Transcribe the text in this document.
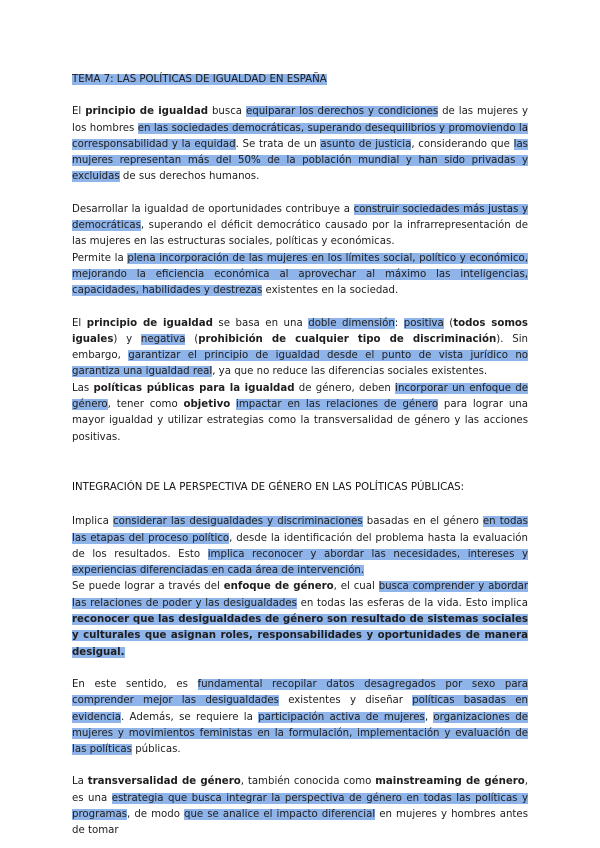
TEMA 7: LAS POLÍTICAS DE IGUALDAD EN ESPAÑA

El principio de igualdad busca equiparar los derechos y condiciones de las mujeres y los hombres en las sociedades democráticas, superando desequilibrios y promoviendo la corresponsabilidad y la equidad. Se trata de un asunto de justicia, considerando que las mujeres representan más del 50% de la población mundial y han sido privadas y excluidas de sus derechos humanos.

Desarrollar la igualdad de oportunidades contribuye a construir sociedades más justas y democráticas, superando el déficit democrático causado por la infrarrepresentación de las mujeres en las estructuras sociales, políticas y económicas.

Permite la plena incorporación de las mujeres en los límites social, político y económico, mejorando la eficiencia económica al aprovechar al máximo las inteligencias, capacidades, habilidades y destrezas existentes en la sociedad.

El principio de igualdad se basa en una doble dimensión: positiva (todos somos iguales) y negativa (prohibición de cualquier tipo de discriminación). Sin embargo, garantizar el principio de igualdad desde el punto de vista jurídico no garantiza una igualdad real, ya que no reduce las diferencias sociales existentes.

Las políticas públicas para la igualdad de género, deben incorporar un enfoque de género, tener como objetivo impactar en las relaciones de género para lograr una mayor igualdad y utilizar estrategias como la transversalidad de género y las acciones positivas.

INTEGRACIÓN DE LA PERSPECTIVA DE GÉNERO EN LAS POLÍTICAS PÚBLICAS:

Implica considerar las desigualdades y discriminaciones basadas en el género en todas las etapas del proceso político, desde la identificación del problema hasta la evaluación de los resultados. Esto implica reconocer y abordar las necesidades, intereses y experiencias diferenciadas en cada área de intervención.

Se puede lograr a través del enfoque de género, el cual busca comprender y abordar las relaciones de poder y las desigualdades en todas las esferas de la vida. Esto implica reconocer que las desigualdades de género son resultado de sistemas sociales y culturales que asignan roles, responsabilidades y oportunidades de manera desigual.

En este sentido, es fundamental recopilar datos desagregados por sexo para comprender mejor las desigualdades existentes y diseñar políticas basadas en evidencia. Además, se requiere la participación activa de mujeres, organizaciones de mujeres y movimientos feministas en la formulación, implementación y evaluación de las políticas públicas.

La transversalidad de género, también conocida como mainstreaming de género, es una estrategia que busca integrar la perspectiva de género en todas las políticas y programas, de modo que se analice el impacto diferencial en mujeres y hombres antes de tomar
